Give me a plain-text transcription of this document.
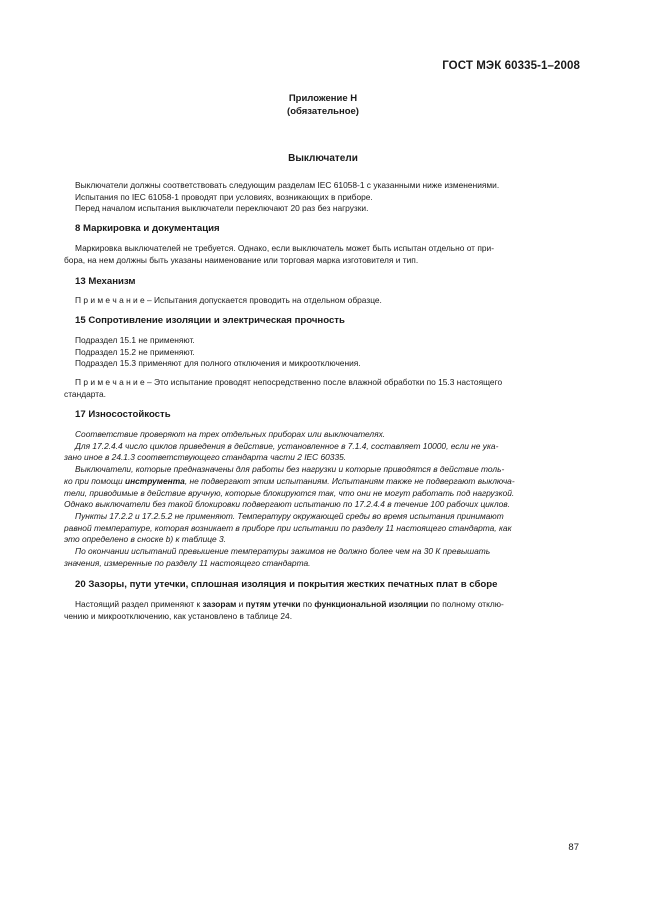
ГОСТ МЭК 60335-1–2008
Приложение Н
(обязательное)
Выключатели
Выключатели должны соответствовать следующим разделам IEC 61058-1 с указанными ниже изменениями.
Испытания по IEC 61058-1 проводят при условиях, возникающих в приборе.
Перед началом испытания выключатели переключают 20 раз без нагрузки.
8 Маркировка и документация
Маркировка выключателей не требуется. Однако, если выключатель может быть испытан отдельно от при-
бора, на нем должны быть указаны наименование или торговая марка изготовителя и тип.
13 Механизм
П р и м е ч а н и е – Испытания допускается проводить на отдельном образце.
15 Сопротивление изоляции и электрическая прочность
Подраздел 15.1 не применяют.
Подраздел 15.2 не применяют.
Подраздел 15.3 применяют для полного отключения и микроотключения.
П р и м е ч а н и е – Это испытание проводят непосредственно после влажной обработки по 15.3 настоящего
стандарта.
17 Износостойкость
Соответствие проверяют на трех отдельных приборах или выключателях.
Для 17.2.4.4 число циклов приведения в действие, установленное в 7.1.4, составляет 10000, если не ука-
зано иное в 24.1.3 соответствующего стандарта части 2 IEC 60335.
Выключатели, которые предназначены для работы без нагрузки и которые приводятся в действие толь-
ко при помощи инструмента, не подвергают этим испытаниям. Испытаниям также не подвергают выключа-
тели, приводимые в действие вручную, которые блокируются так, что они не могут работать под нагрузкой.
Однако выключатели без такой блокировки подвергают испытанию по 17.2.4.4 в течение 100 рабочих циклов.
Пункты 17.2.2 и 17.2.5.2 не применяют. Температуру окружающей среды во время испытания принимают
равной температуре, которая возникает в приборе при испытании по разделу 11 настоящего стандарта, как
это определено в сноске b) к таблице 3.
По окончании испытаний превышение температуры зажимов не должно более чем на 30 К превышать
значения, измеренные по разделу 11 настоящего стандарта.
20 Зазоры, пути утечки, сплошная изоляция и покрытия жестких печатных плат в сборе
Настоящий раздел применяют к зазорам и путям утечки по функциональной изоляции по полному отклю-
чению и микроотключению, как установлено в таблице 24.
87
